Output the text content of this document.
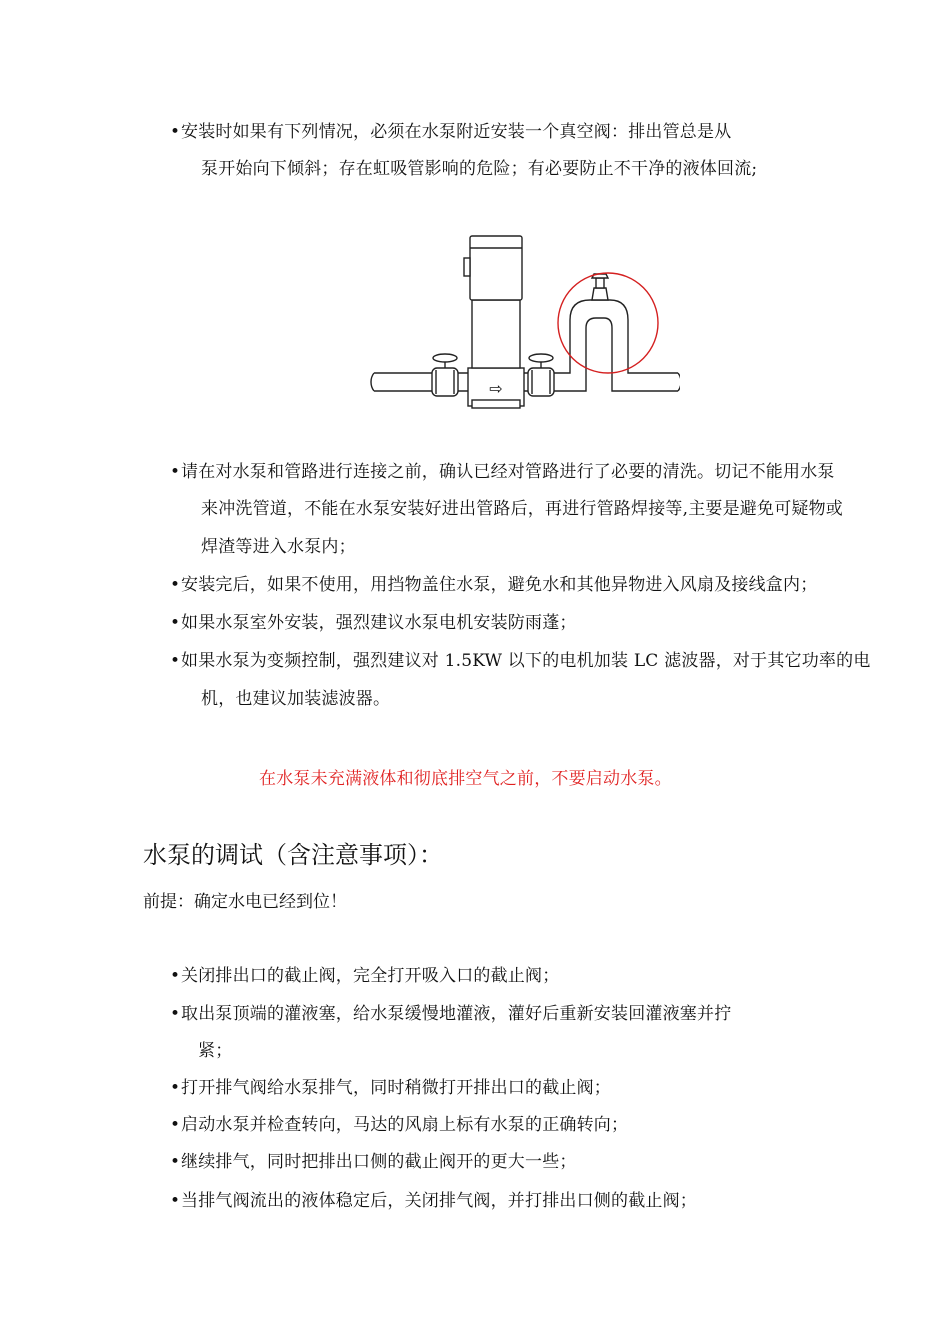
• 安装时如果有下列情况，必须在水泵附近安装一个真空阀：排出管总是从
泵开始向下倾斜；存在虹吸管影响的危险；有必要防止不干净的液体回流;
⇨
• 请在对水泵和管路进行连接之前，确认已经对管路进行了必要的清洗。切记不能用水泵
来冲洗管道，不能在水泵安装好进出管路后，再进行管路焊接等,主要是避免可疑物或
焊渣等进入水泵内；
• 安装完后，如果不使用，用挡物盖住水泵，避免水和其他异物进入风扇及接线盒内；
• 如果水泵室外安装，强烈建议水泵电机安装防雨蓬；
• 如果水泵为变频控制，强烈建议对 1.5KW 以下的电机加装 LC 滤波器，对于其它功率的电
机，也建议加装滤波器。
在水泵未充满液体和彻底排空气之前，不要启动水泵。
水泵的调试（含注意事项）：
前提：确定水电已经到位！
• 关闭排出口的截止阀，完全打开吸入口的截止阀；
• 取出泵顶端的灌液塞，给水泵缓慢地灌液，灌好后重新安装回灌液塞并拧
紧；
• 打开排气阀给水泵排气，同时稍微打开排出口的截止阀；
• 启动水泵并检查转向，马达的风扇上标有水泵的正确转向；
• 继续排气，同时把排出口侧的截止阀开的更大一些；
• 当排气阀流出的液体稳定后，关闭排气阀，并打排出口侧的截止阀；
